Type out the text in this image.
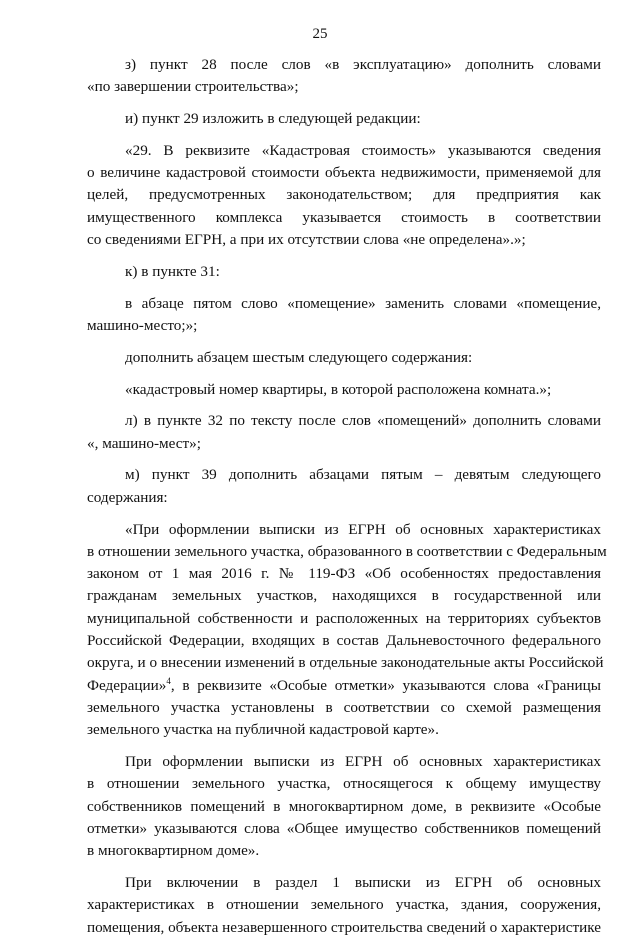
25
з) пункт 28 после слов «в эксплуатацию» дополнить словами
«по завершении строительства»;
и) пункт 29 изложить в следующей редакции:
«29. В реквизите «Кадастровая стоимость» указываются сведения
о величине кадастровой стоимости объекта недвижимости, применяемой для
целей, предусмотренных законодательством; для предприятия как
имущественного комплекса указывается стоимость в соответствии
со сведениями ЕГРН, а при их отсутствии слова «не определена».»;
к) в пункте 31:
в абзаце пятом слово «помещение» заменить словами «помещение,
машино-место;»;
дополнить абзацем шестым следующего содержания:
«кадастровый номер квартиры, в которой расположена комната.»;
л) в пункте 32 по тексту после слов «помещений» дополнить словами
«, машино-мест»;
м) пункт 39 дополнить абзацами пятым – девятым следующего
содержания:
«При оформлении выписки из ЕГРН об основных характеристиках
в отношении земельного участка, образованного в соответствии с Федеральным
законом от 1 мая 2016 г. № 119-ФЗ «Об особенностях предоставления
гражданам земельных участков, находящихся в государственной или
муниципальной собственности и расположенных на территориях субъектов
Российской Федерации, входящих в состав Дальневосточного федерального
округа, и о внесении изменений в отдельные законодательные акты Российской
Федерации»$^4$, в реквизите «Особые отметки» указываются слова «Границы
земельного участка установлены в соответствии со схемой размещения
земельного участка на публичной кадастровой карте».
При оформлении выписки из ЕГРН об основных характеристиках
в отношении земельного участка, относящегося к общему имуществу
собственников помещений в многоквартирном доме, в реквизите «Особые
отметки» указываются слова «Общее имущество собственников помещений
в многоквартирном доме».
При включении в раздел 1 выписки из ЕГРН об основных
характеристиках в отношении земельного участка, здания, сооружения,
помещения, объекта незавершенного строительства сведений о характеристике
